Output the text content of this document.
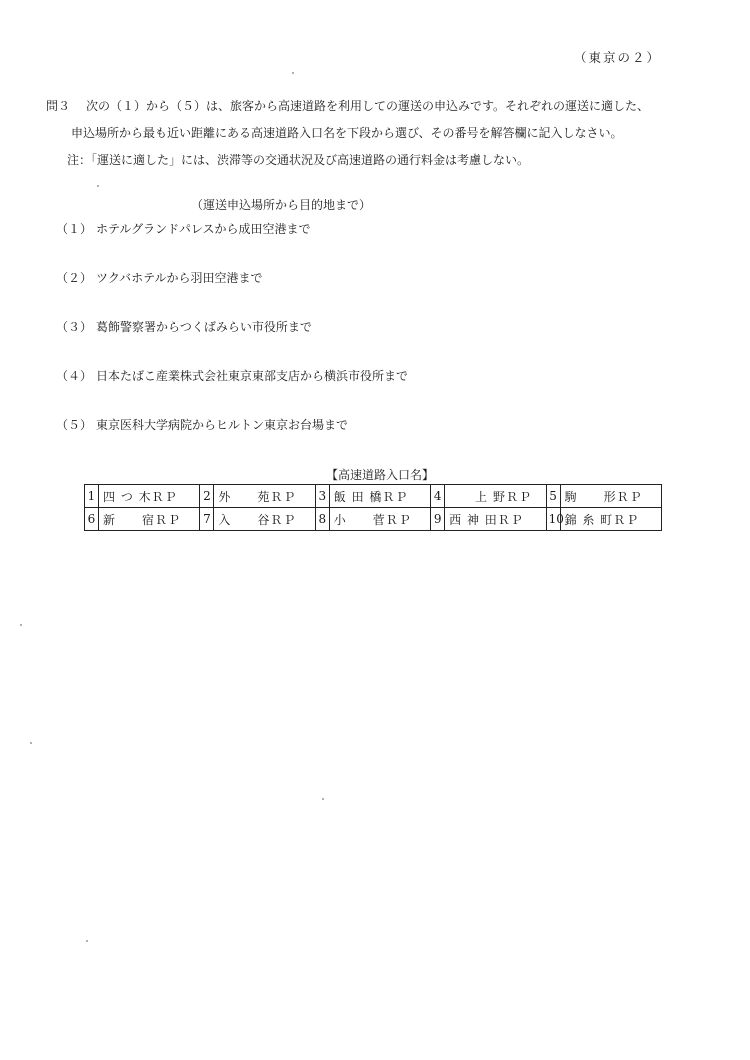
（東京の２）
問３ 次の（１）から（５）は、旅客から高速道路を利用しての運送の申込みです。それぞれの運送に適した、
申込場所から最も近い距離にある高速道路入口名を下段から選び、その番号を解答欄に記入しなさい。
注：「運送に適した」には、渋滞等の交通状況及び高速道路の通行料金は考慮しない。
（運送申込場所から目的地まで）
（１） ホテルグランドパレスから成田空港まで
（２） ツクバホテルから羽田空港まで
（３） 葛飾警察署からつくばみらい市役所まで
（４） 日本たばこ産業株式会社東京東部支店から横浜市役所まで
（５） 東京医科大学病院からヒルトン東京お台場まで
【高速道路入口名】
1	四 つ 木ＲＰ	2	外　　苑ＲＰ	3	飯 田 橋ＲＰ	4	　　上 野ＲＰ	5	駒　　形ＲＰ
6	新　　宿ＲＰ	7	入　　谷ＲＰ	8	小　　菅ＲＰ	9	西 神 田ＲＰ	10	錦 糸 町ＲＰ
